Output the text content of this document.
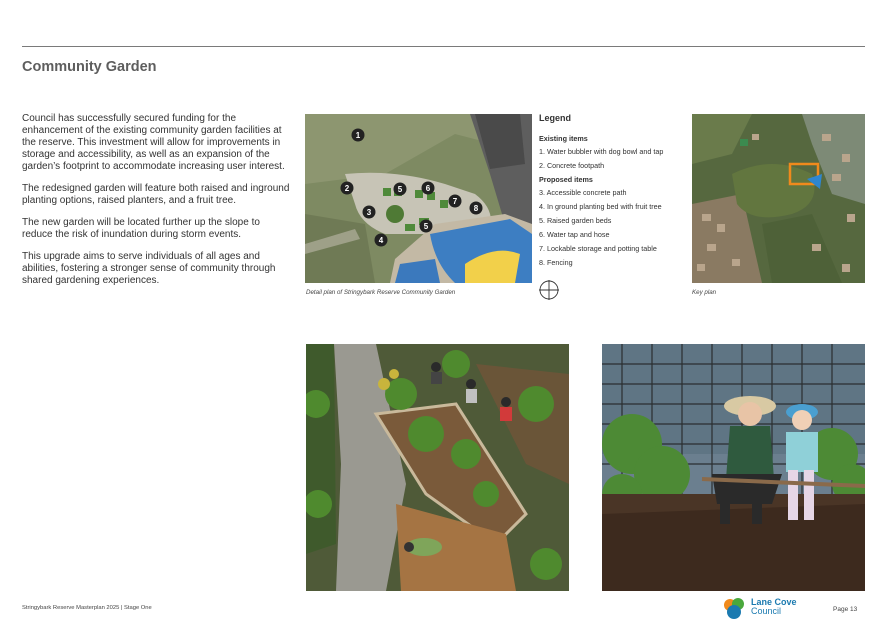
Community Garden

Council has successfully secured funding for the enhancement of the existing community garden facilities at the reserve. This investment will allow for improvements in storage and accessibility, as well as an expansion of the garden’s footprint to accommodate increasing user interest.

The redesigned garden will feature both raised and inground planting options, raised planters, and a fruit tree.

The new garden will be located further up the slope to reduce the risk of inundation during storm events.

This upgrade aims to serve individuals of all ages and abilities, fostering a stronger sense of community through shared gardening experiences.

1
2
3
4
5	6
5
7
8
Detail plan of Stringybark Reserve Community Garden
Legend
Existing items
1. Water bubbler with dog bowl and tap
2. Concrete footpath
Proposed items
3. Accessible concrete path
4. In ground planting bed with fruit tree
5. Raised garden beds
6. Water tap and hose
7. Lockable storage and potting table
8. Fencing
Key plan
Stringybark Reserve Masterplan 2025 | Stage One
Lane Cove
Council	Page 13
